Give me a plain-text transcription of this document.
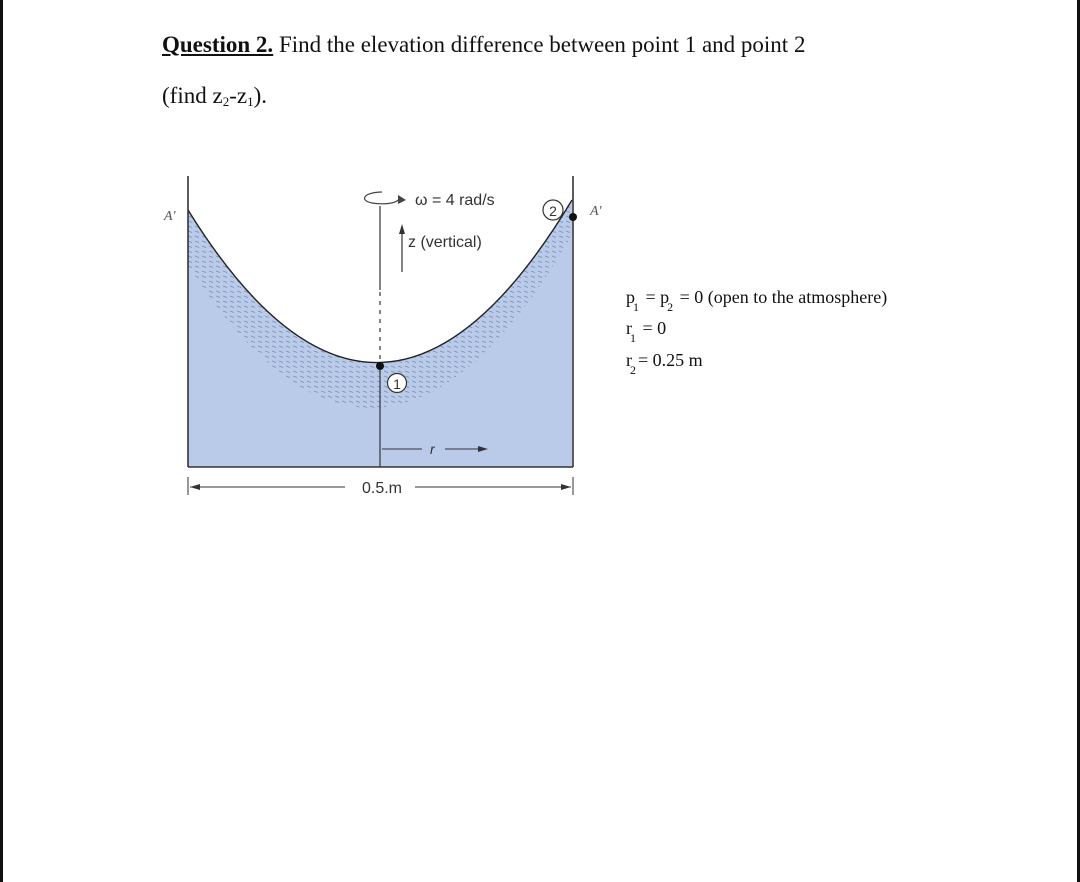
Question 2. Find the elevation difference between point 1 and point 2
(find $z_2-z_1$).
ω = 4 rad/s
z (vertical)
r
1
2
A'	A'
0.5.m
$p_1 = p_2 = 0$ (open to the atmosphere)
$r_1 = 0$
$r_2 = 0.25$ m
